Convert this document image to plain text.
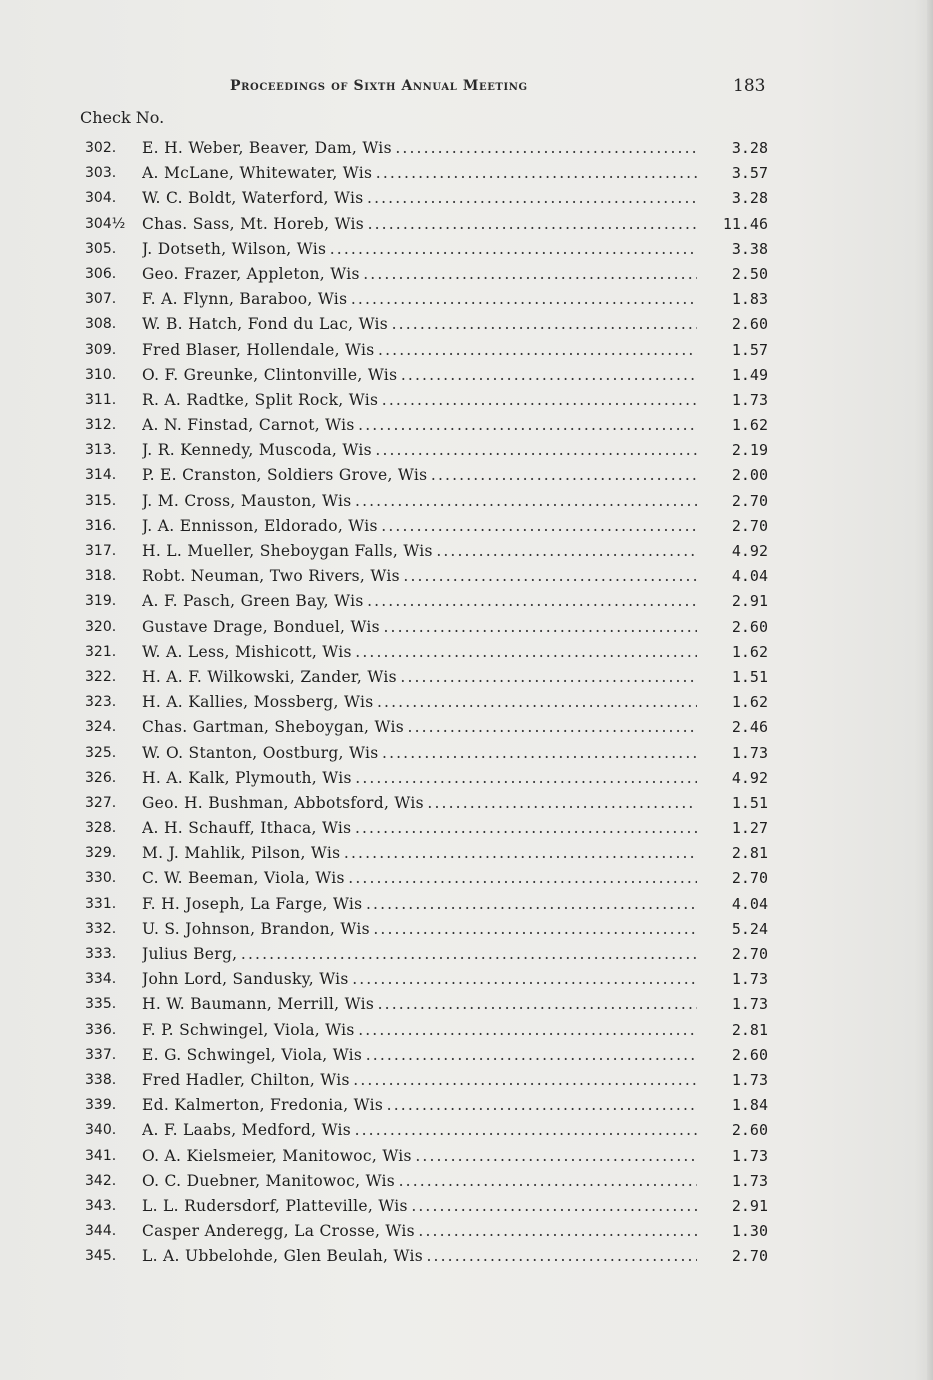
Proceedings of Sixth Annual Meeting	183
Check No.
302.	E. H. Weber, Beaver, Dam, Wis . . .	3.28
303.	A. McLane, Whitewater, Wis . . .	3.57
304.	W. C. Boldt, Waterford, Wis . . .	3.28
304½	Chas. Sass, Mt. Horeb, Wis . . .	11.46
305.	J. Dotseth, Wilson, Wis . . .	3.38
306.	Geo. Frazer, Appleton, Wis . . .	2.50
307.	F. A. Flynn, Baraboo, Wis . . .	1.83
308.	W. B. Hatch, Fond du Lac, Wis . . .	2.60
309.	Fred Blaser, Hollendale, Wis . . .	1.57
310.	O. F. Greunke, Clintonville, Wis . . .	1.49
311.	R. A. Radtke, Split Rock, Wis . . .	1.73
312.	A. N. Finstad, Carnot, Wis . . .	1.62
313.	J. R. Kennedy, Muscoda, Wis . . .	2.19
314.	P. E. Cranston, Soldiers Grove, Wis . . .	2.00
315.	J. M. Cross, Mauston, Wis . . .	2.70
316.	J. A. Ennisson, Eldorado, Wis . . .	2.70
317.	H. L. Mueller, Sheboygan Falls, Wis . . .	4.92
318.	Robt. Neuman, Two Rivers, Wis . . .	4.04
319.	A. F. Pasch, Green Bay, Wis . . .	2.91
320.	Gustave Drage, Bonduel, Wis . . .	2.60
321.	W. A. Less, Mishicott, Wis . . .	1.62
322.	H. A. F. Wilkowski, Zander, Wis . . .	1.51
323.	H. A. Kallies, Mossberg, Wis . . .	1.62
324.	Chas. Gartman, Sheboygan, Wis . . .	2.46
325.	W. O. Stanton, Oostburg, Wis . . .	1.73
326.	H. A. Kalk, Plymouth, Wis . . .	4.92
327.	Geo. H. Bushman, Abbotsford, Wis . . .	1.51
328.	A. H. Schauff, Ithaca, Wis . . .	1.27
329.	M. J. Mahlik, Pilson, Wis . . .	2.81
330.	C. W. Beeman, Viola, Wis . . .	2.70
331.	F. H. Joseph, La Farge, Wis . . .	4.04
332.	U. S. Johnson, Brandon, Wis . . .	5.24
333.	Julius Berg, . . .	2.70
334.	John Lord, Sandusky, Wis . . .	1.73
335.	H. W. Baumann, Merrill, Wis . . .	1.73
336.	F. P. Schwingel, Viola, Wis . . .	2.81
337.	E. G. Schwingel, Viola, Wis . . .	2.60
338.	Fred Hadler, Chilton, Wis . . .	1.73
339.	Ed. Kalmerton, Fredonia, Wis . . .	1.84
340.	A. F. Laabs, Medford, Wis . . .	2.60
341.	O. A. Kielsmeier, Manitowoc, Wis . . .	1.73
342.	O. C. Duebner, Manitowoc, Wis . . .	1.73
343.	L. L. Rudersdorf, Platteville, Wis . . .	2.91
344.	Casper Anderegg, La Crosse, Wis . . .	1.30
345.	L. A. Ubbelohde, Glen Beulah, Wis . . .	2.70
